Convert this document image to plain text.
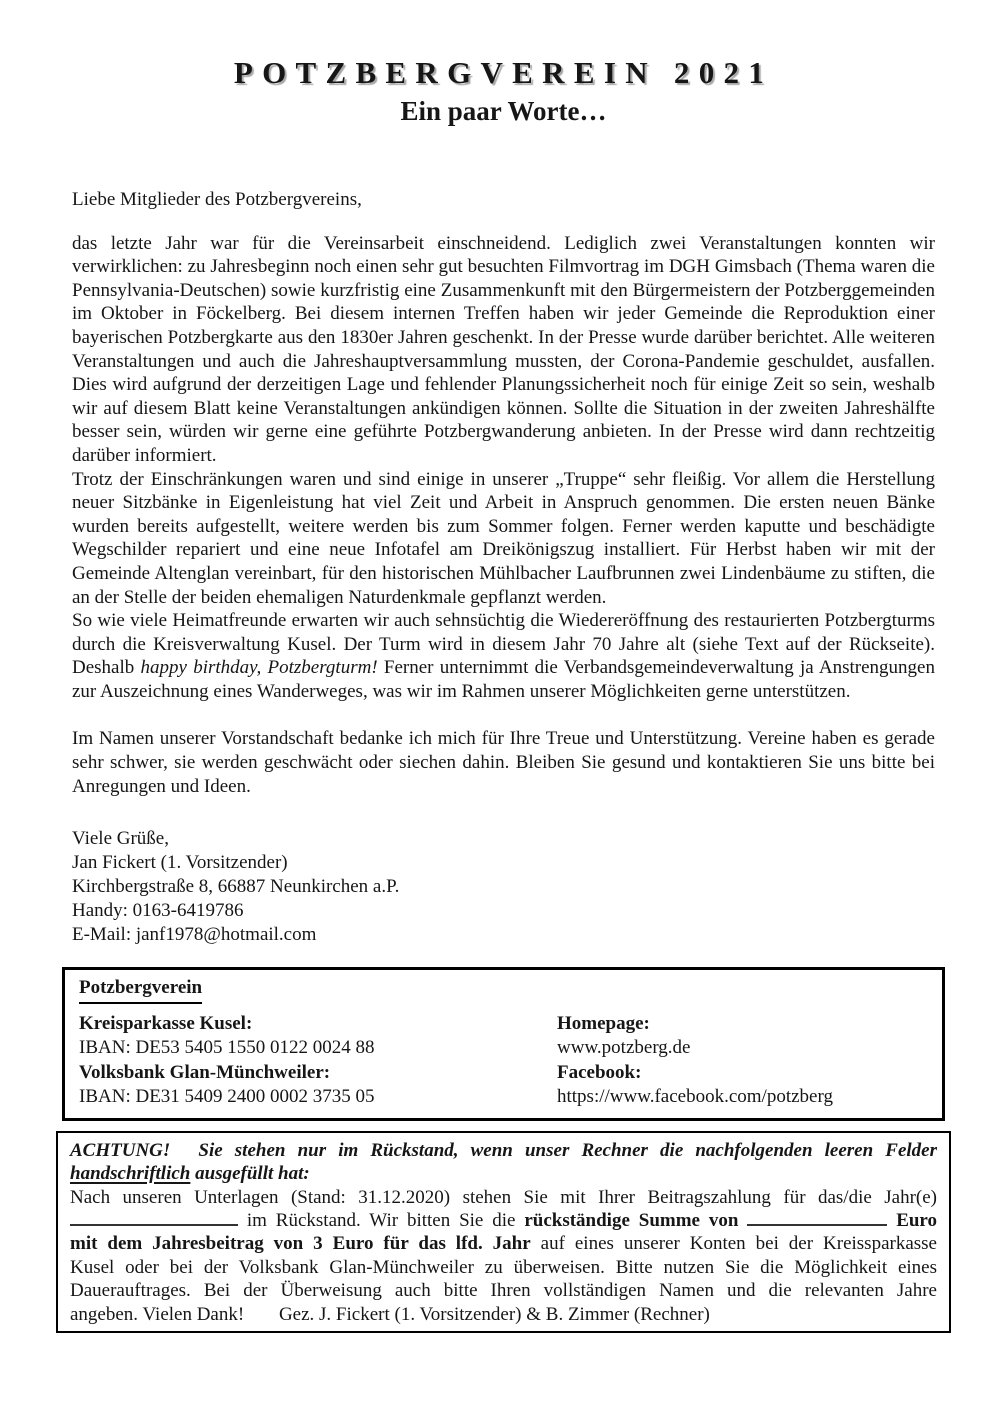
POTZBERGVEREIN 2021
Ein paar Worte…

Liebe Mitglieder des Potzbergvereins,

das letzte Jahr war für die Vereinsarbeit einschneidend. Lediglich zwei Veranstaltungen konnten wir verwirklichen: zu Jahresbeginn noch einen sehr gut besuchten Filmvortrag im DGH Gimsbach (Thema waren die Pennsylvania-Deutschen) sowie kurzfristig eine Zusammenkunft mit den Bürgermeistern der Potzberggemeinden im Oktober in Föckelberg. Bei diesem internen Treffen haben wir jeder Gemeinde die Reproduktion einer bayerischen Potzbergkarte aus den 1830er Jahren geschenkt. In der Presse wurde darüber berichtet. Alle weiteren Veranstaltungen und auch die Jahreshauptversammlung mussten, der Corona-Pandemie geschuldet, ausfallen. Dies wird aufgrund der derzeitigen Lage und fehlender Planungssicherheit noch für einige Zeit so sein, weshalb wir auf diesem Blatt keine Veranstaltungen ankündigen können. Sollte die Situation in der zweiten Jahreshälfte besser sein, würden wir gerne eine geführte Potzbergwanderung anbieten. In der Presse wird dann rechtzeitig darüber informiert.

Trotz der Einschränkungen waren und sind einige in unserer „Truppe“ sehr fleißig. Vor allem die Herstellung neuer Sitzbänke in Eigenleistung hat viel Zeit und Arbeit in Anspruch genommen. Die ersten neuen Bänke wurden bereits aufgestellt, weitere werden bis zum Sommer folgen. Ferner werden kaputte und beschädigte Wegschilder repariert und eine neue Infotafel am Dreikönigszug installiert. Für Herbst haben wir mit der Gemeinde Altenglan vereinbart, für den historischen Mühlbacher Laufbrunnen zwei Lindenbäume zu stiften, die an der Stelle der beiden ehemaligen Naturdenkmale gepflanzt werden.

So wie viele Heimatfreunde erwarten wir auch sehnsüchtig die Wiedereröffnung des restaurierten Potzbergturms durch die Kreisverwaltung Kusel. Der Turm wird in diesem Jahr 70 Jahre alt (siehe Text auf der Rückseite). Deshalb happy birthday, Potzbergturm! Ferner unternimmt die Verbandsgemeindeverwaltung ja Anstrengungen zur Auszeichnung eines Wanderweges, was wir im Rahmen unserer Möglichkeiten gerne unterstützen.

Im Namen unserer Vorstandschaft bedanke ich mich für Ihre Treue und Unterstützung. Vereine haben es gerade sehr schwer, sie werden geschwächt oder siechen dahin. Bleiben Sie gesund und kontaktieren Sie uns bitte bei Anregungen und Ideen.

Viele Grüße,
Jan Fickert (1. Vorsitzender)
Kirchbergstraße 8, 66887 Neunkirchen a.P.
Handy: 0163-6419786
E-Mail: janf1978@hotmail.com
Potzbergverein
Kreisparkasse Kusel:
IBAN: DE53 5405 1550 0122 0024 88
Volksbank Glan-Münchweiler:
IBAN: DE31 5409 2400 0002 3735 05
Homepage:
www.potzberg.de
Facebook:
https://www.facebook.com/potzberg
ACHTUNG! Sie stehen nur im Rückstand, wenn unser Rechner die nachfolgenden leeren Felder
handschriftlich ausgefüllt hat:
Nach unseren Unterlagen (Stand: 31.12.2020) stehen Sie mit Ihrer Beitragszahlung für das/die Jahr(e)
im Rückstand. Wir bitten Sie die rückständige Summe von	Euro
mit dem Jahresbeitrag von 3 Euro für das lfd. Jahr auf eines unserer Konten bei der Kreissparkasse
Kusel oder bei der Volksbank Glan-Münchweiler zu überweisen. Bitte nutzen Sie die Möglichkeit eines
Dauerauftrages. Bei der Überweisung auch bitte Ihren vollständigen Namen und die relevanten Jahre
angeben. Vielen Dank! Gez. J. Fickert (1. Vorsitzender) & B. Zimmer (Rechner)
